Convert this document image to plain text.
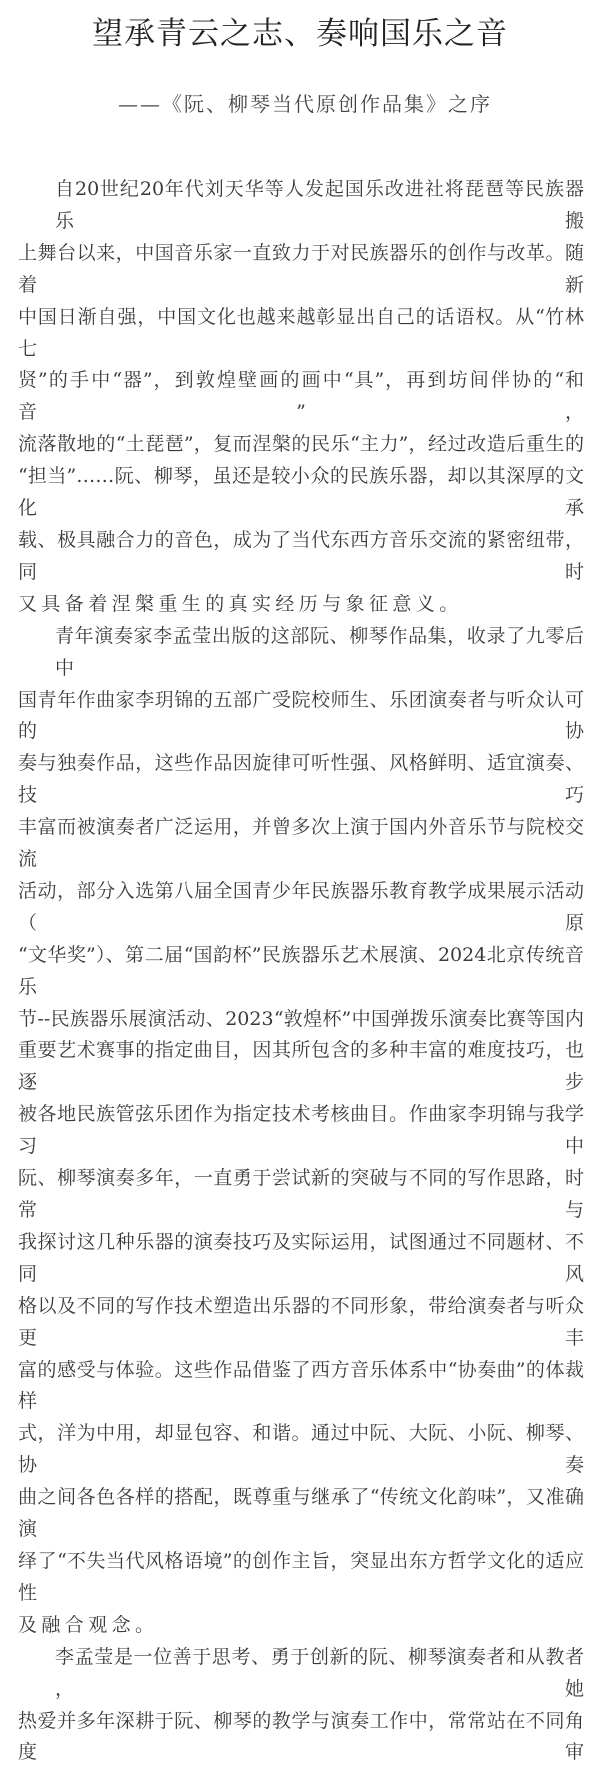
望承青云之志、奏响国乐之音
——《阮、柳琴当代原创作品集》之序
自 20 世 纪 20 年 代 刘 天 华 等 人 发 起 国 乐 改 进 社 将 琵 琶 等 民 族 器 乐 搬
上 舞 台 以 来 ， 中 国 音 乐 家 一 直 致 力 于 对 民 族 器 乐 的 创 作 与 改 革 。 随 着 新
中 国 日 渐 自 强 ， 中 国 文 化 也 越 来 越 彰 显 出 自 己 的 话 语 权 。 从 “竹 林 七
贤” 的 手 中 “器”， 到 敦 煌 壁 画 的 画 中 “具”， 再 到 坊 间 伴 协 的 “和 音”，
流 落 散 地 的 “土 琵 琶”， 复 而 涅 槃 的 民 乐 “主 力”， 经 过 改 造 后 重 生 的
“担 当”…… 阮 、 柳 琴 ， 虽 还 是 较 小 众 的 民 族 乐 器 ， 却 以 其 深 厚 的 文 化 承
载 、 极 具 融 合 力 的 音 色 ， 成 为 了 当 代 东 西 方 音 乐 交 流 的 紧 密 纽 带 ， 同 时
又具备着涅槃重生的真实经历与象征意义。
青 年 演 奏 家 李 孟 莹 出 版 的 这 部 阮 、 柳 琴 作 品 集 ， 收 录 了 九 零 后 中
国 青 年 作 曲 家 李 玥 锦 的 五 部 广 受 院 校 师 生 、 乐 团 演 奏 者 与 听 众 认 可 的 协
奏 与 独 奏 作 品 ， 这 些 作 品 因 旋 律 可 听 性 强 、 风 格 鲜 明 、 适 宜 演 奏 、 技 巧
丰 富 而 被 演 奏 者 广 泛 运 用 ， 并 曾 多 次 上 演 于 国 内 外 音 乐 节 与 院 校 交 流
活 动 ， 部 分 入 选 第 八 届 全 国 青 少 年 民 族 器 乐 教 育 教 学 成 果 展 示 活 动 （ 原
“文 华 奖”）、 第 二 届 “国 韵 杯” 民 族 器 乐 艺 术 展 演 、 2024 北 京 传 统 音 乐
节 -- 民 族 器 乐 展 演 活 动 、 2023 “敦 煌 杯” 中 国 弹 拨 乐 演 奏 比 赛 等 国 内
重 要 艺 术 赛 事 的 指 定 曲 目 ， 因 其 所 包 含 的 多 种 丰 富 的 难 度 技 巧 ， 也 逐 步
被 各 地 民 族 管 弦 乐 团 作 为 指 定 技 术 考 核 曲 目 。 作 曲 家 李 玥 锦 与 我 学 习 中
阮 、 柳 琴 演 奏 多 年 ， 一 直 勇 于 尝 试 新 的 突 破 与 不 同 的 写 作 思 路 ， 时 常 与
我 探 讨 这 几 种 乐 器 的 演 奏 技 巧 及 实 际 运 用 ， 试 图 通 过 不 同 题 材 、 不 同 风
格 以 及 不 同 的 写 作 技 术 塑 造 出 乐 器 的 不 同 形 象 ， 带 给 演 奏 者 与 听 众 更 丰
富 的 感 受 与 体 验 。 这 些 作 品 借 鉴 了 西 方 音 乐 体 系 中 “协 奏 曲” 的 体 裁 样
式 ， 洋 为 中 用 ， 却 显 包 容 、 和 谐 。 通 过 中 阮 、 大 阮 、 小 阮 、 柳 琴 、 协 奏
曲 之 间 各 色 各 样 的 搭 配 ， 既 尊 重 与 继 承 了 “传 统 文 化 韵 味”， 又 准 确 演
绎 了 “不 失 当 代 风 格 语 境” 的 创 作 主 旨 ， 突 显 出 东 方 哲 学 文 化 的 适 应 性
及融合观念。
李 孟 莹 是 一 位 善 于 思 考 、 勇 于 创 新 的 阮 、 柳 琴 演 奏 者 和 从 教 者 ， 她
热 爱 并 多 年 深 耕 于 阮 、 柳 琴 的 教 学 与 演 奏 工 作 中 ， 常 常 站 在 不 同 角 度 审
